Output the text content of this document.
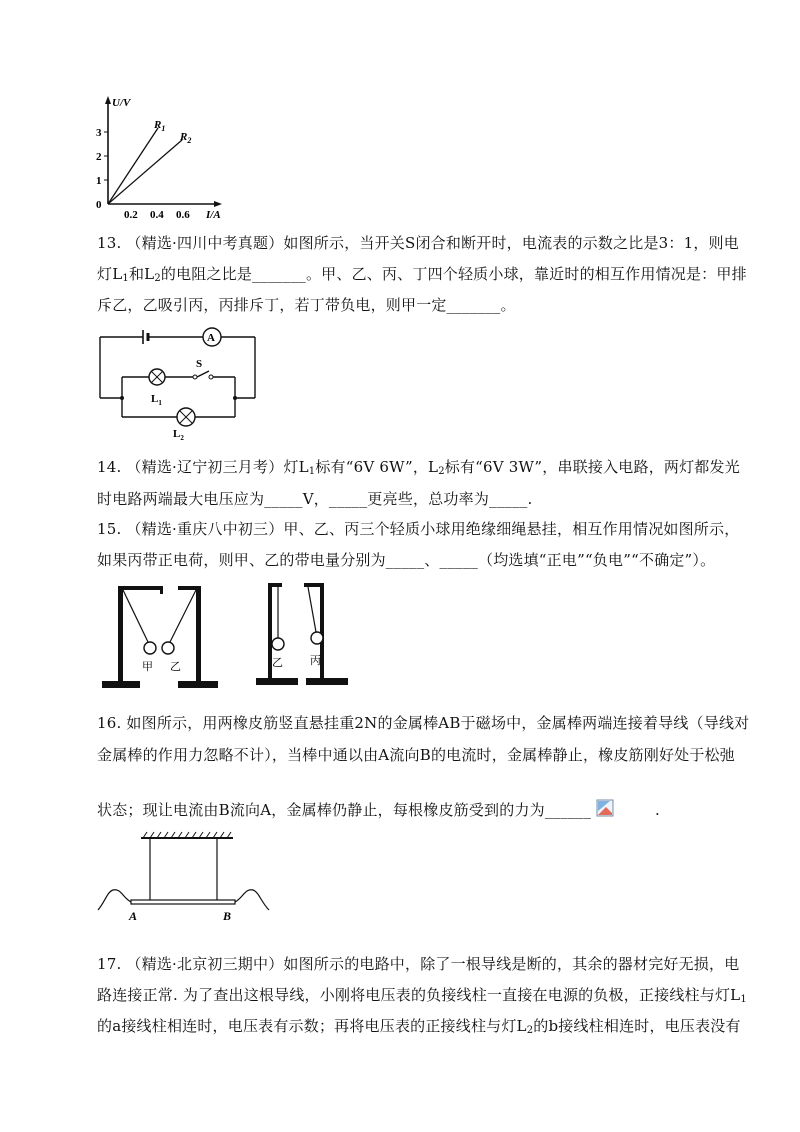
U/V
0
1
2
3
0.2 0.4 0.6 I/A
$R_1$
$R_2$
13. （精选·四川中考真题）如图所示，当开关S闭合和断开时，电流表的示数之比是3：1，则电
灯$L_1$和$L_2$的电阻之比是_______。甲、乙、丙、丁四个轻质小球，靠近时的相互作用情况是：甲排
斥乙，乙吸引丙，丙排斥丁，若丁带负电，则甲一定_______。
A
S
$L_1$
$L_2$
14. （精选·辽宁初三月考）灯$L_1$标有“6V 6W”，$L_2$标有“6V 3W”，串联接入电路，两灯都发光
时电路两端最大电压应为_____V，_____更亮些，总功率为_____.
15. （精选·重庆八中初三）甲、乙、丙三个轻质小球用绝缘细绳悬挂，相互作用情况如图所示，
如果丙带正电荷，则甲、乙的带电量分别为_____、_____（均选填“正电”“负电”“不确定”）。
甲 乙	乙 丙
16. 如图所示，用两橡皮筋竖直悬挂重2N的金属棒AB于磁场中，金属棒两端连接着导线（导线对
金属棒的作用力忽略不计），当棒中通以由A流向B的电流时，金属棒静止，橡皮筋刚好处于松弛
状态；现让电流由B流向A，金属棒仍静止，每根橡皮筋受到的力为______	.
A	B
17. （精选·北京初三期中）如图所示的电路中，除了一根导线是断的，其余的器材完好无损，电
路连接正常. 为了查出这根导线，小刚将电压表的负接线柱一直接在电源的负极，正接线柱与灯$L_1$
的a接线柱相连时，电压表有示数；再将电压表的正接线柱与灯$L_2$的b接线柱相连时，电压表没有
